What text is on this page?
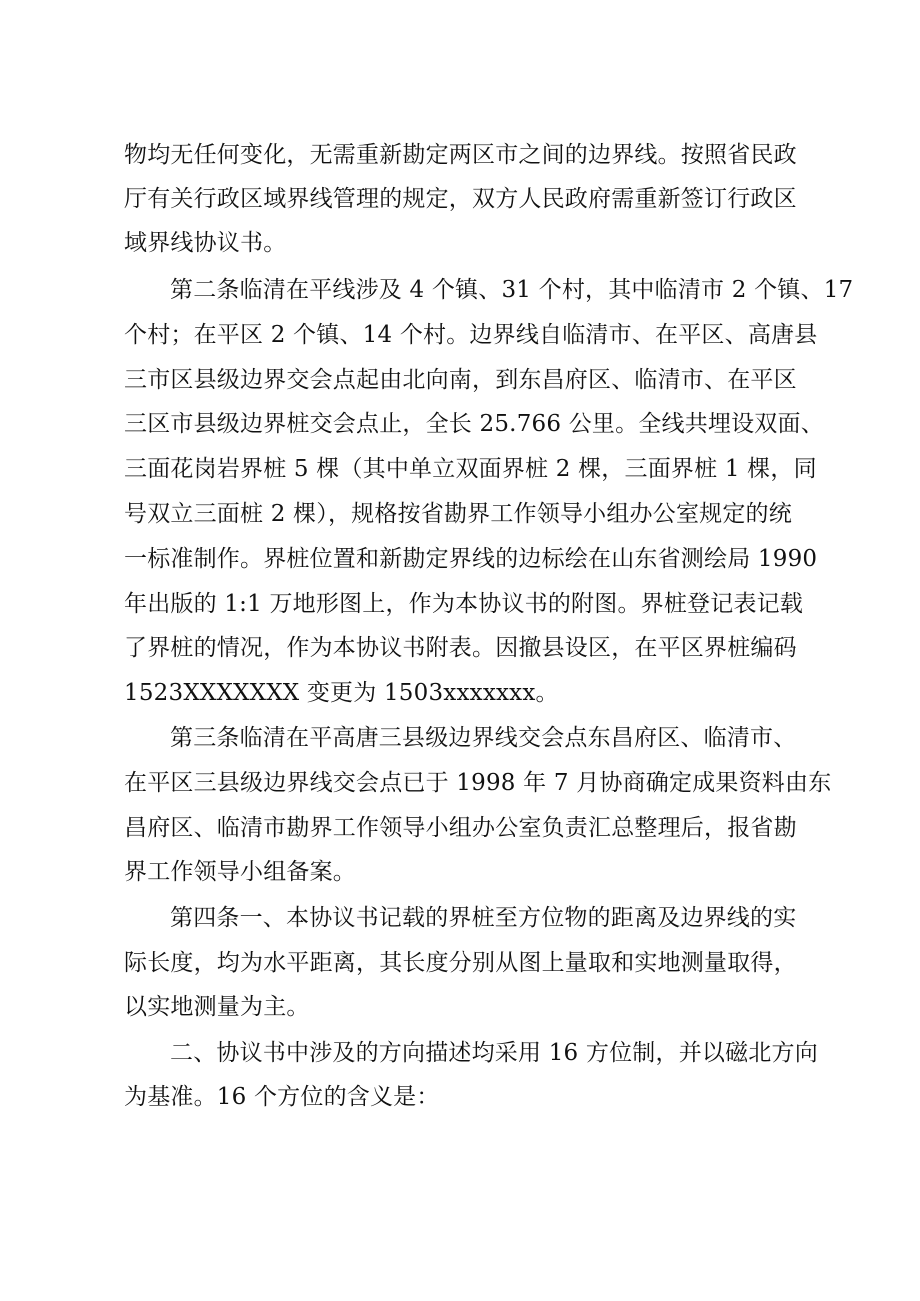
物均无任何变化，无需重新勘定两区市之间的边界线。按照省民政
厅有关行政区域界线管理的规定，双方人民政府需重新签订行政区
域界线协议书。
第二条临清在平线涉及 4 个镇、31 个村，其中临清市 2 个镇、17
个村；在平区 2 个镇、14 个村。边界线自临清市、在平区、高唐县
三市区县级边界交会点起由北向南，到东昌府区、临清市、在平区
三区市县级边界桩交会点止，全长 25.766 公里。全线共埋设双面、
三面花岗岩界桩 5 棵（其中单立双面界桩 2 棵，三面界桩 1 棵，同
号双立三面桩 2 棵），规格按省勘界工作领导小组办公室规定的统
一标准制作。界桩位置和新勘定界线的边标绘在山东省测绘局 1990
年出版的 1:1 万地形图上，作为本协议书的附图。界桩登记表记载
了界桩的情况，作为本协议书附表。因撤县设区，在平区界桩编码
1523XXXXXXX 变更为 1503xxxxxxx。
第三条临清在平高唐三县级边界线交会点东昌府区、临清市、
在平区三县级边界线交会点已于 1998 年 7 月协商确定成果资料由东
昌府区、临清市勘界工作领导小组办公室负责汇总整理后，报省勘
界工作领导小组备案。
第四条一、本协议书记载的界桩至方位物的距离及边界线的实
际长度，均为水平距离，其长度分别从图上量取和实地测量取得，
以实地测量为主。
二、协议书中涉及的方向描述均采用 16 方位制，并以磁北方向
为基准。16 个方位的含义是：
